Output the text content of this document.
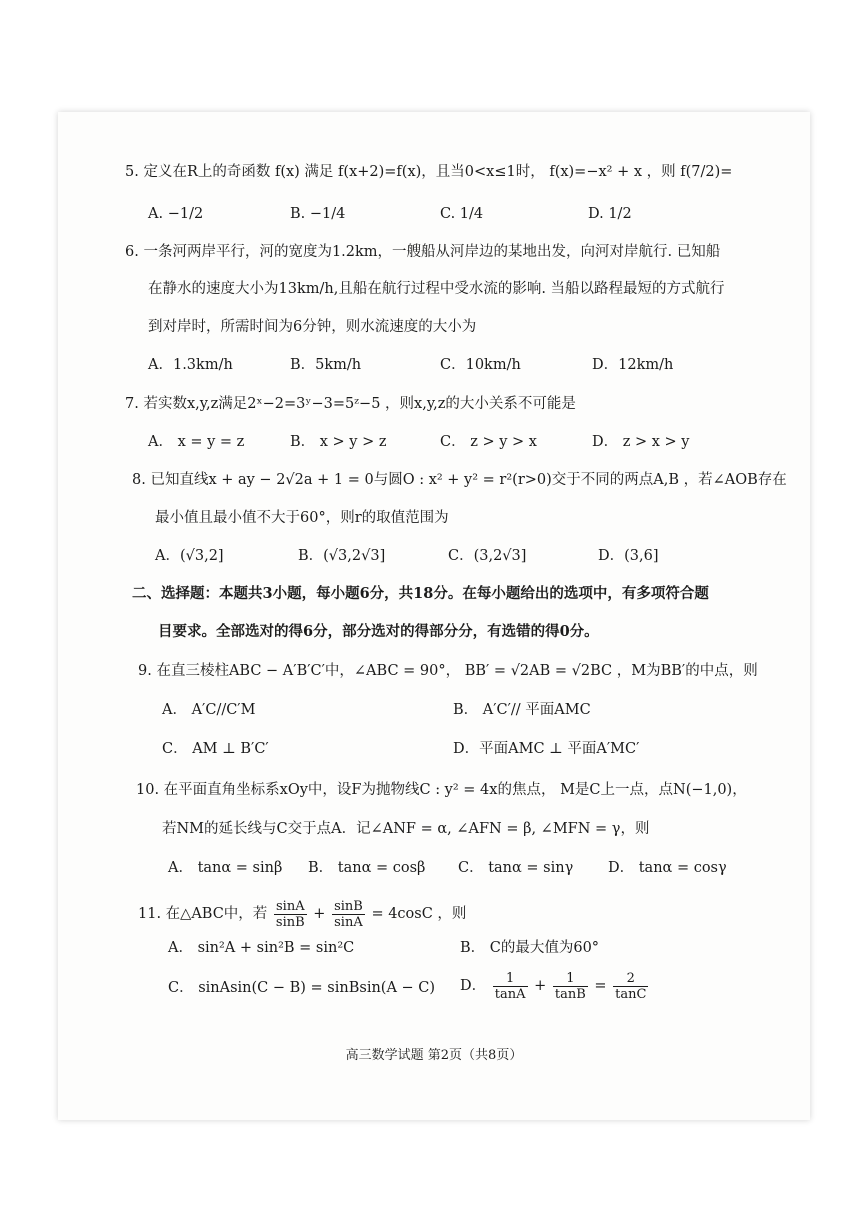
5. 定义在R上的奇函数 f(x) 满足 f(x+2)=f(x)，且当0<x≤1时， f(x)=−x² + x ，则 f(7/2)=
A. −1/2	B. −1/4	C. 1/4	D. 1/2
6. 一条河两岸平行，河的宽度为1.2km，一艘船从河岸边的某地出发，向河对岸航行. 已知船
在静水的速度大小为13km/h,且船在航行过程中受水流的影响. 当船以路程最短的方式航行
到对岸时，所需时间为6分钟，则水流速度的大小为
A．1.3km/h	B．5km/h	C．10km/h	D．12km/h
7. 若实数x,y,z满足2ˣ−2=3ʸ−3=5ᶻ−5 ，则x,y,z的大小关系不可能是
A． x = y = z	B． x > y > z	C． z > y > x	D． z > x > y
8. 已知直线x + ay − 2√2a + 1 = 0与圆O : x² + y² = r²(r>0)交于不同的两点A,B ，若∠AOB存在
最小值且最小值不大于60°，则r的取值范围为
A．(√3,2]	B．(√3,2√3]	C．(3,2√3]	D．(3,6]
二、选择题：本题共3小题，每小题6分，共18分。在每小题给出的选项中，有多项符合题
目要求。全部选对的得6分，部分选对的得部分分，有选错的得0分。
9. 在直三棱柱ABC − A′B′C′中，∠ABC = 90°， BB′ = √2AB = √2BC ，M为BB′的中点，则
A． A′C//C′M	B． A′C′// 平面AMC
C． AM ⊥ B′C′	D．平面AMC ⊥ 平面A′MC′
10. 在平面直角坐标系xOy中，设F为抛物线C : y² = 4x的焦点， M是C上一点，点N(−1,0)，
若NM的延长线与C交于点A．记∠ANF = α, ∠AFN = β, ∠MFN = γ，则
A． tanα = sinβ B． tanα = cosβ C． tanα = sinγ D． tanα = cosγ
11. 在△ABC中，若 $\frac{\sin A}{\sin B} + \frac{\sin B}{\sin A} = 4\cos C$ ，则
A． sin²A + sin²B = sin²C	B． C的最大值为60°
C． sinAsin(C − B) = sinBsin(A − C) D． $\frac{1}{\tan A} + \frac{1}{\tan B} = \frac{2}{\tan C}$
高三数学试题 第2页（共8页）
